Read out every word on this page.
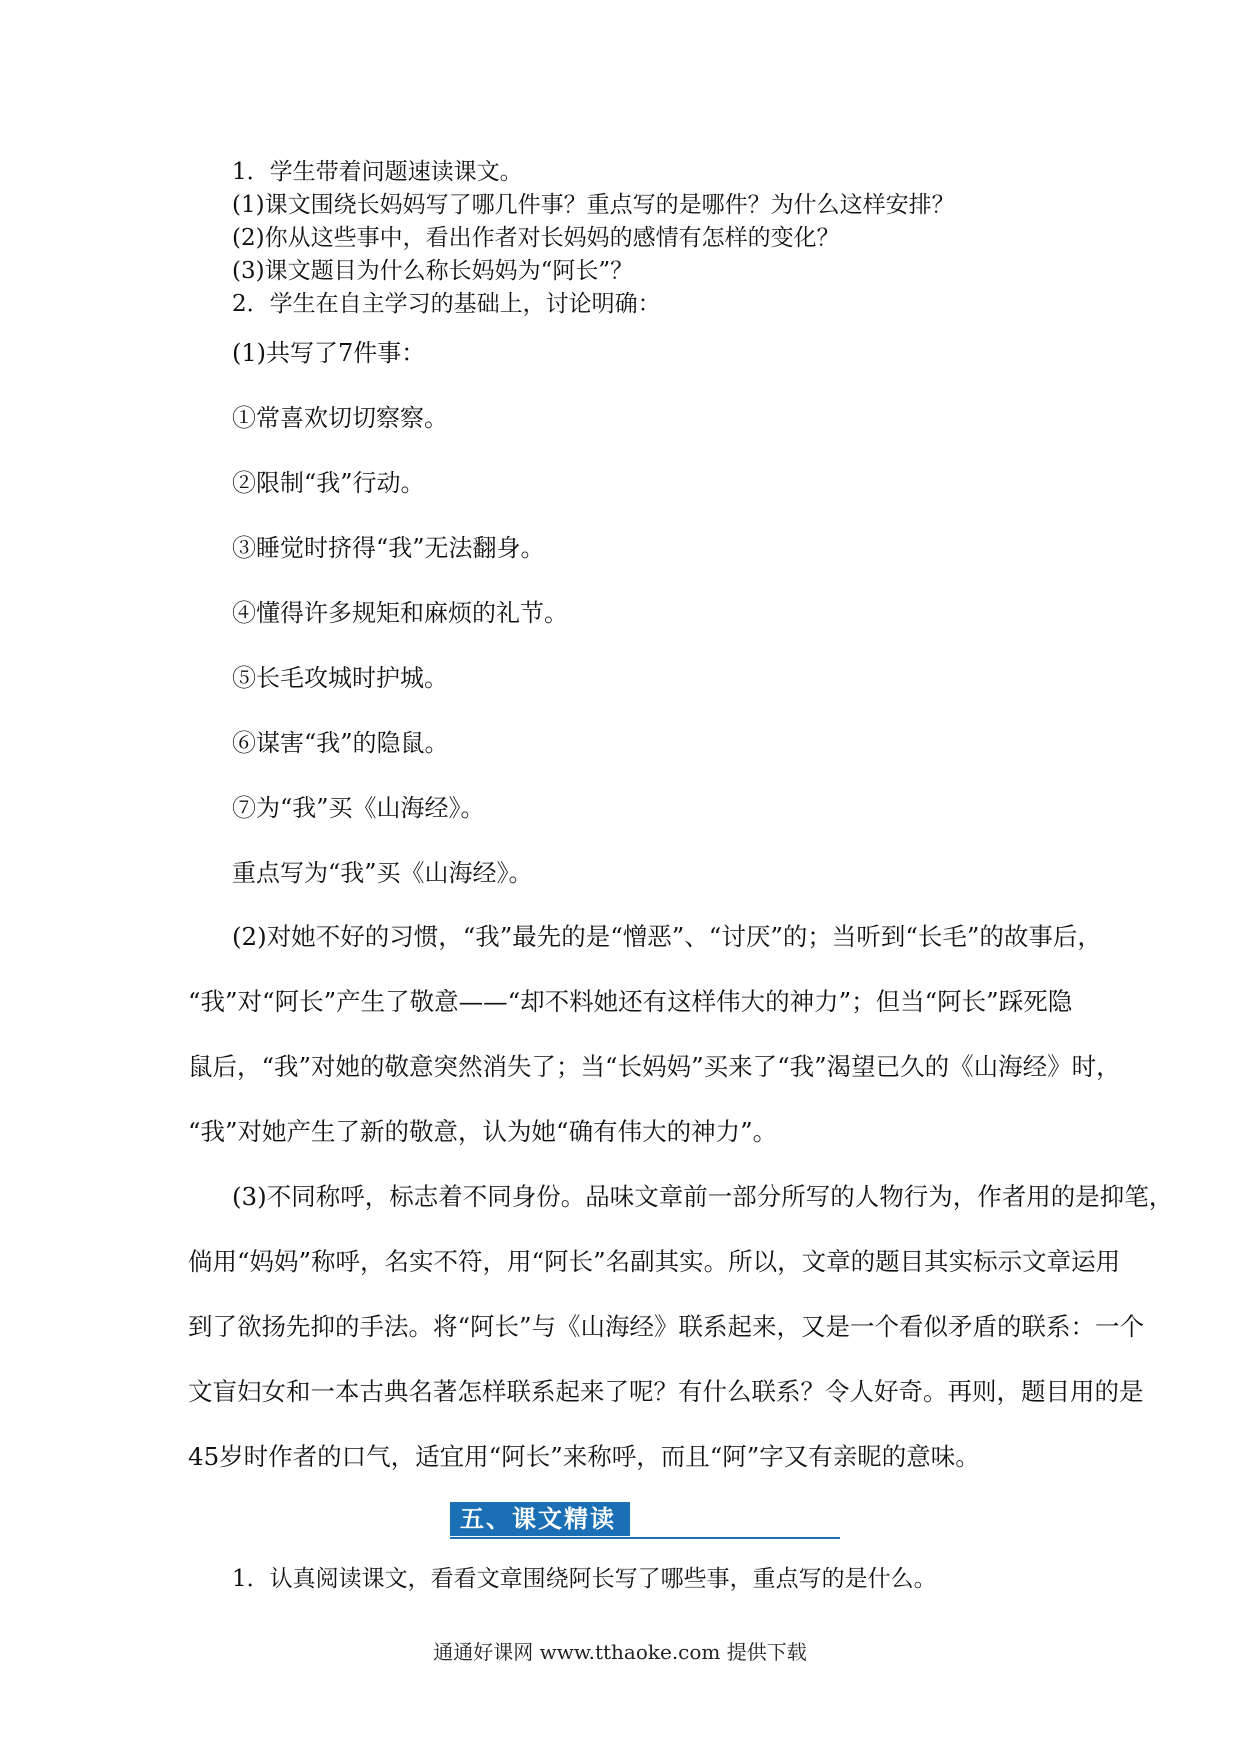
1．学生带着问题速读课文。
(1)课文围绕长妈妈写了哪几件事？重点写的是哪件？为什么这样安排？
(2)你从这些事中，看出作者对长妈妈的感情有怎样的变化？
(3)课文题目为什么称长妈妈为“阿长”？
2．学生在自主学习的基础上，讨论明确：
(1)共写了7件事：
①常喜欢切切察察。
②限制“我”行动。
③睡觉时挤得“我”无法翻身。
④懂得许多规矩和麻烦的礼节。
⑤长毛攻城时护城。
⑥谋害“我”的隐鼠。
⑦为“我”买《山海经》。
重点写为“我”买《山海经》。
(2)对她不好的习惯，“我”最先的是“憎恶”、“讨厌”的；当听到“长毛”的故事后，
“我”对“阿长”产生了敬意——“却不料她还有这样伟大的神力”；但当“阿长”踩死隐
鼠后，“我”对她的敬意突然消失了；当“长妈妈”买来了“我”渴望已久的《山海经》时，
“我”对她产生了新的敬意，认为她“确有伟大的神力”。
(3)不同称呼，标志着不同身份。品味文章前一部分所写的人物行为，作者用的是抑笔，
倘用“妈妈”称呼，名实不符，用“阿长”名副其实。所以，文章的题目其实标示文章运用
到了欲扬先抑的手法。将“阿长”与《山海经》联系起来，又是一个看似矛盾的联系：一个
文盲妇女和一本古典名著怎样联系起来了呢？有什么联系？令人好奇。再则，题目用的是
45岁时作者的口气，适宜用“阿长”来称呼，而且“阿”字又有亲昵的意味。
五、课文精读
1．认真阅读课文，看看文章围绕阿长写了哪些事，重点写的是什么。
通通好课网 www.tthaoke.com 提供下载
